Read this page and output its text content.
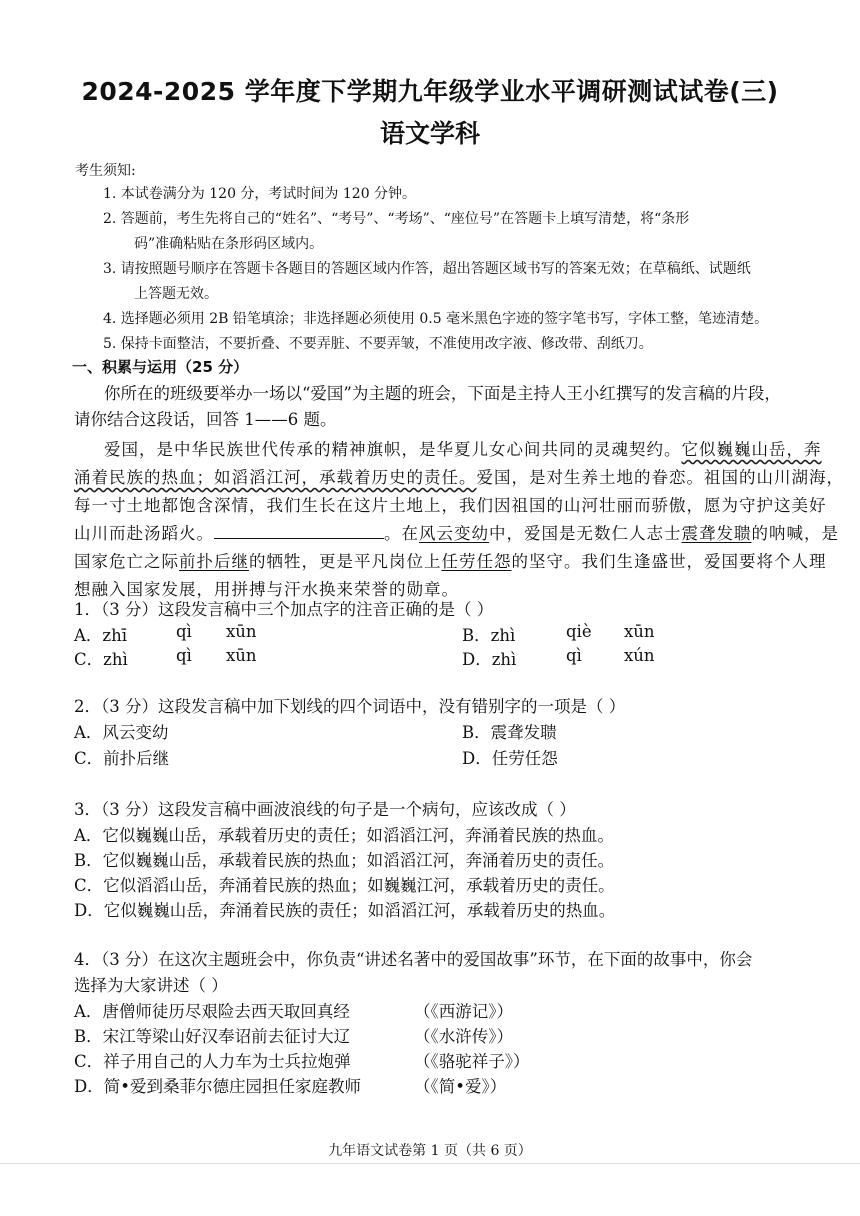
2024-2025 学年度下学期九年级学业水平调研测试试卷(三)
语文学科
考生须知:
1. 本试卷满分为 120 分，考试时间为 120 分钟。
2. 答题前，考生先将自己的“姓名”、“考号”、“考场”、“座位号”在答题卡上填写清楚，将“条形
码”准确粘贴在条形码区域内。
3. 请按照题号顺序在答题卡各题目的答题区域内作答，超出答题区域书写的答案无效；在草稿纸、试题纸
上答题无效。
4. 选择题必须用 2B 铅笔填涂；非选择题必须使用 0.5 毫米黑色字迹的签字笔书写，字体工整，笔迹清楚。
5. 保持卡面整洁，不要折叠、不要弄脏、不要弄皱，不准使用改字液、修改带、刮纸刀。
一、积累与运用（25 分）
你所在的班级要举办一场以“爱国”为主题的班会，下面是主持人王小红撰写的发言稿的片段，
请你结合这段话，回答 1——6 题。
爱国，是中华民族世代传承的精神旗帜，是华夏儿女心间共同的灵魂契约。它似巍巍山岳，奔
涌着民族的热血；如滔滔江河，承载着历史的责任。爱国，是对生养土地的眷恋。祖国的山川湖海，
每一寸土地都饱含深情，我们生长在这片土地上，我们因祖国的山河壮丽而骄傲，愿为守护这美好
山川而赴汤蹈火。	。在风云变幼中，爱国是无数仁人志士震聋发聩的呐喊，是
国家危亡之际前扑后继的牺牲，更是平凡岗位上任劳任怨的坚守。我们生逢盛世，爱国要将个人理
想融入国家发展，用拼搏与汗水换来荣誉的勋章。
1．（3 分）这段发言稿中三个加点字的注音正确的是（ ）
A．zhī	qì xūn	B．zhì	qiè xūn
C．zhì	qì xūn	D．zhì	qì	xún
2．（3 分）这段发言稿中加下划线的四个词语中，没有错别字的一项是（ ）
A．风云变幼	B．震聋发聩
C．前扑后继	D．任劳任怨
3．（3 分）这段发言稿中画波浪线的句子是一个病句，应该改成（ ）
A．它似巍巍山岳，承载着历史的责任；如滔滔江河，奔涌着民族的热血。
B．它似巍巍山岳，承载着民族的热血；如滔滔江河，奔涌着历史的责任。
C．它似滔滔山岳，奔涌着民族的热血；如巍巍江河，承载着历史的责任。
D．它似巍巍山岳，奔涌着民族的责任；如滔滔江河，承载着历史的热血。
4．（3 分）在这次主题班会中，你负责“讲述名著中的爱国故事”环节，在下面的故事中，你会
选择为大家讲述（ ）
A．唐僧师徒历尽艰险去西天取回真经	（《西游记》）
B．宋江等梁山好汉奉诏前去征讨大辽	（《水浒传》）
C．祥子用自己的人力车为士兵拉炮弹	（《骆驼祥子》）
D．简•爱到桑菲尔德庄园担任家庭教师	（《简•爱》）
九年语文试卷第 1 页（共 6 页）
